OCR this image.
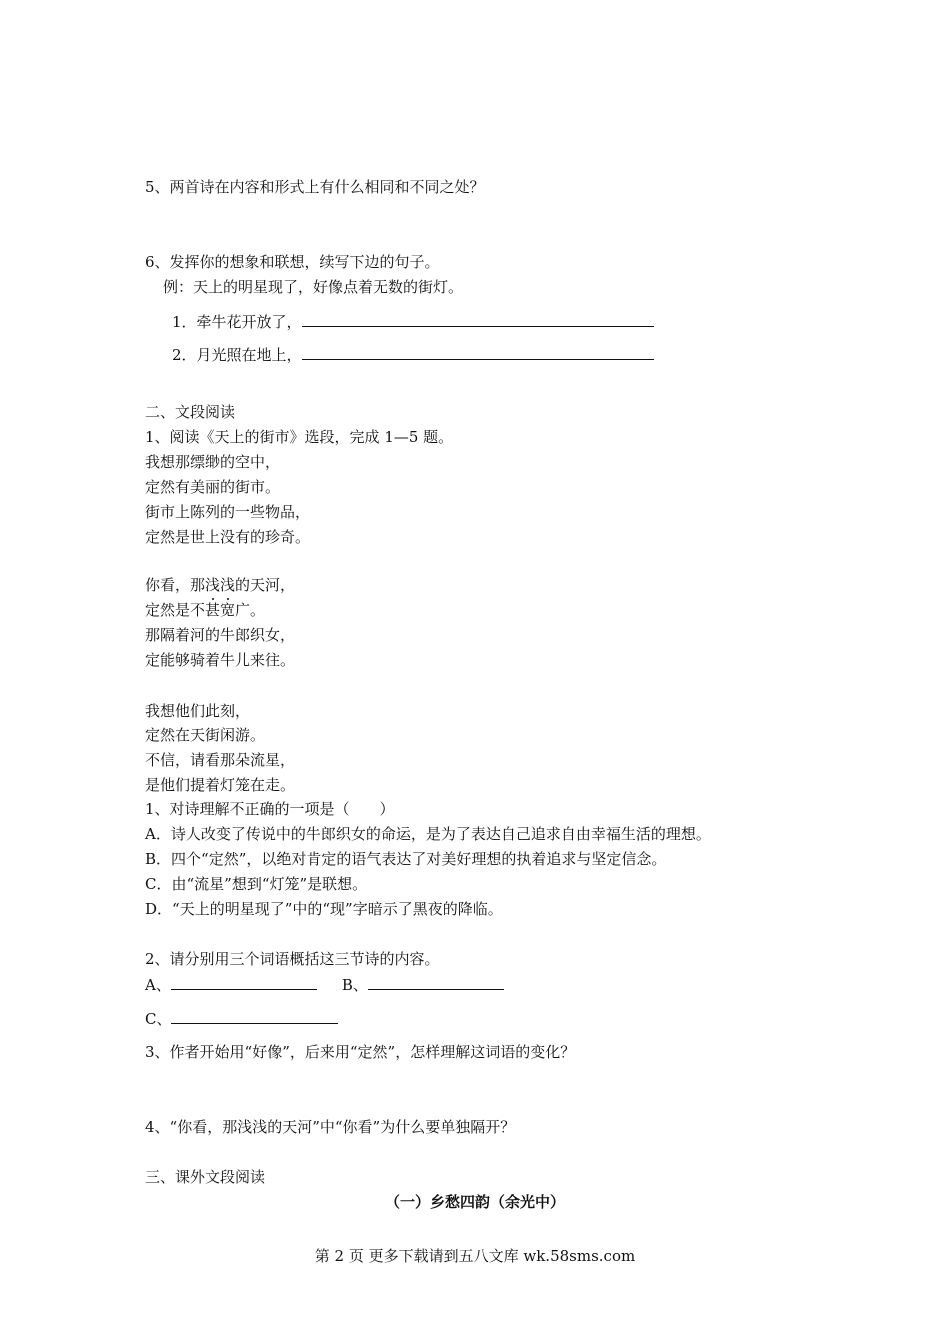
5、两首诗在内容和形式上有什么相同和不同之处？
6、发挥你的想象和联想，续写下边的句子。
例：天上的明星现了，好像点着无数的街灯。
1．牵牛花开放了，
2．月光照在地上，
二、文段阅读
1、阅读《天上的街市》选段，完成 1—5 题。
我想那缥缈的空中，
定然有美丽的街市。
街市上陈列的一些物品，
定然是世上没有的珍奇。
你看，那浅浅的天河，
定然是不甚宽广。
那隔着河的牛郎织女，
定能够骑着牛儿来往。
我想他们此刻，
定然在天街闲游。
不信，请看那朵流星，
是他们提着灯笼在走。
1、对诗理解不正确的一项是（　　）
A．诗人改变了传说中的牛郎织女的命运，是为了表达自己追求自由幸福生活的理想。
B．四个“定然”，以绝对肯定的语气表达了对美好理想的执着追求与坚定信念。
C．由“流星”想到“灯笼”是联想。
D．“天上的明星现了”中的“现”字暗示了黑夜的降临。
2、请分别用三个词语概括这三节诗的内容。
A、	B、
C、
3、作者开始用“好像”，后来用“定然”，怎样理解这词语的变化？
4、“你看，那浅浅的天河”中“你看”为什么要单独隔开？
三、课外文段阅读
（一）乡愁四韵（余光中）
第 2 页 更多下载请到五八文库 wk.58sms.com
